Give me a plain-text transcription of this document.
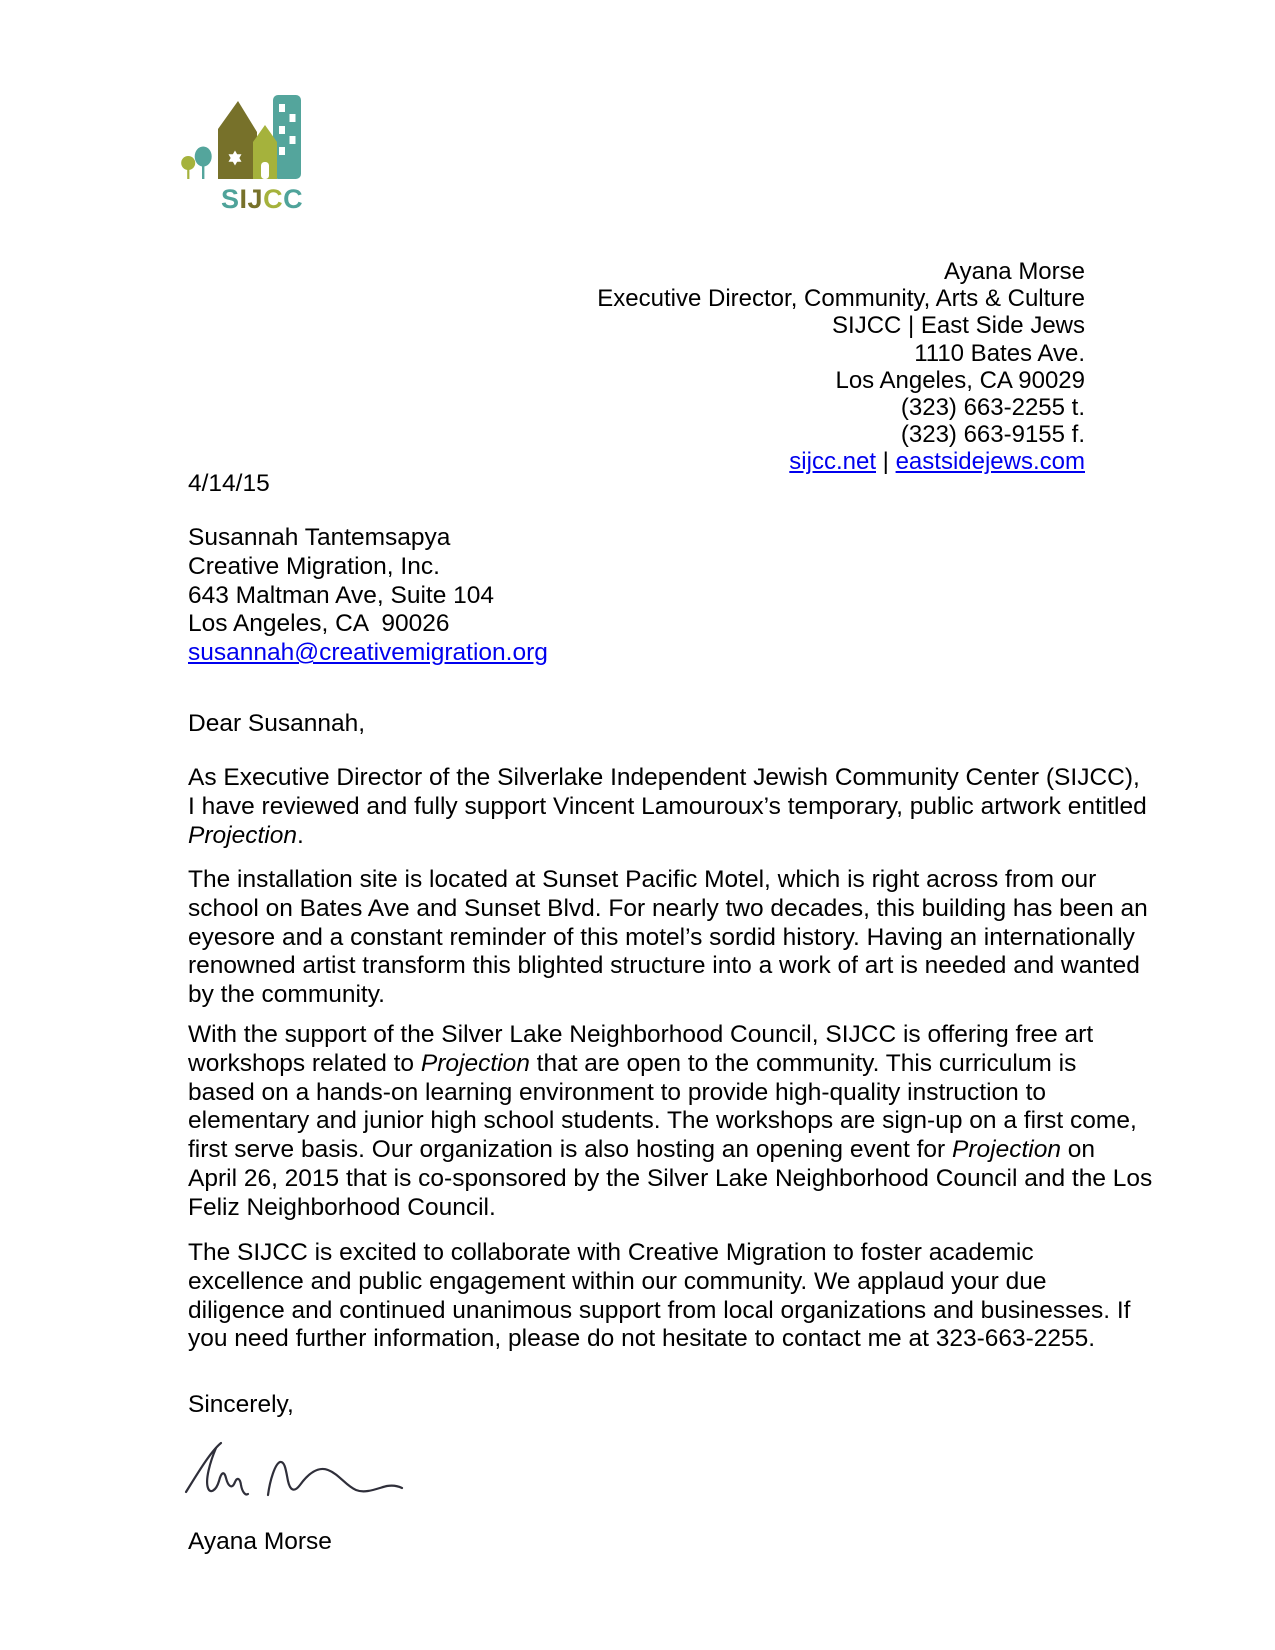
SIJCC
Ayana Morse
Executive Director, Community, Arts & Culture
SIJCC | East Side Jews
1110 Bates Ave.
Los Angeles, CA 90029
(323) 663-2255 t.
(323) 663-9155 f.
sijcc.net | eastsidejews.com
4/14/15
Susannah Tantemsapya
Creative Migration, Inc.
643 Maltman Ave, Suite 104
Los Angeles, CA  90026
susannah@creativemigration.org
Dear Susannah,
As Executive Director of the Silverlake Independent Jewish Community Center (SIJCC),
I have reviewed and fully support Vincent Lamouroux’s temporary, public artwork entitled
Projection.
The installation site is located at Sunset Pacific Motel, which is right across from our
school on Bates Ave and Sunset Blvd. For nearly two decades, this building has been an
eyesore and a constant reminder of this motel’s sordid history. Having an internationally
renowned artist transform this blighted structure into a work of art is needed and wanted
by the community.
With the support of the Silver Lake Neighborhood Council, SIJCC is offering free art
workshops related to Projection that are open to the community. This curriculum is
based on a hands-on learning environment to provide high-quality instruction to
elementary and junior high school students. The workshops are sign-up on a first come,
first serve basis. Our organization is also hosting an opening event for Projection on
April 26, 2015 that is co-sponsored by the Silver Lake Neighborhood Council and the Los
Feliz Neighborhood Council.
The SIJCC is excited to collaborate with Creative Migration to foster academic
excellence and public engagement within our community. We applaud your due
diligence and continued unanimous support from local organizations and businesses. If
you need further information, please do not hesitate to contact me at 323-663-2255.
Sincerely,
Ayana Morse
